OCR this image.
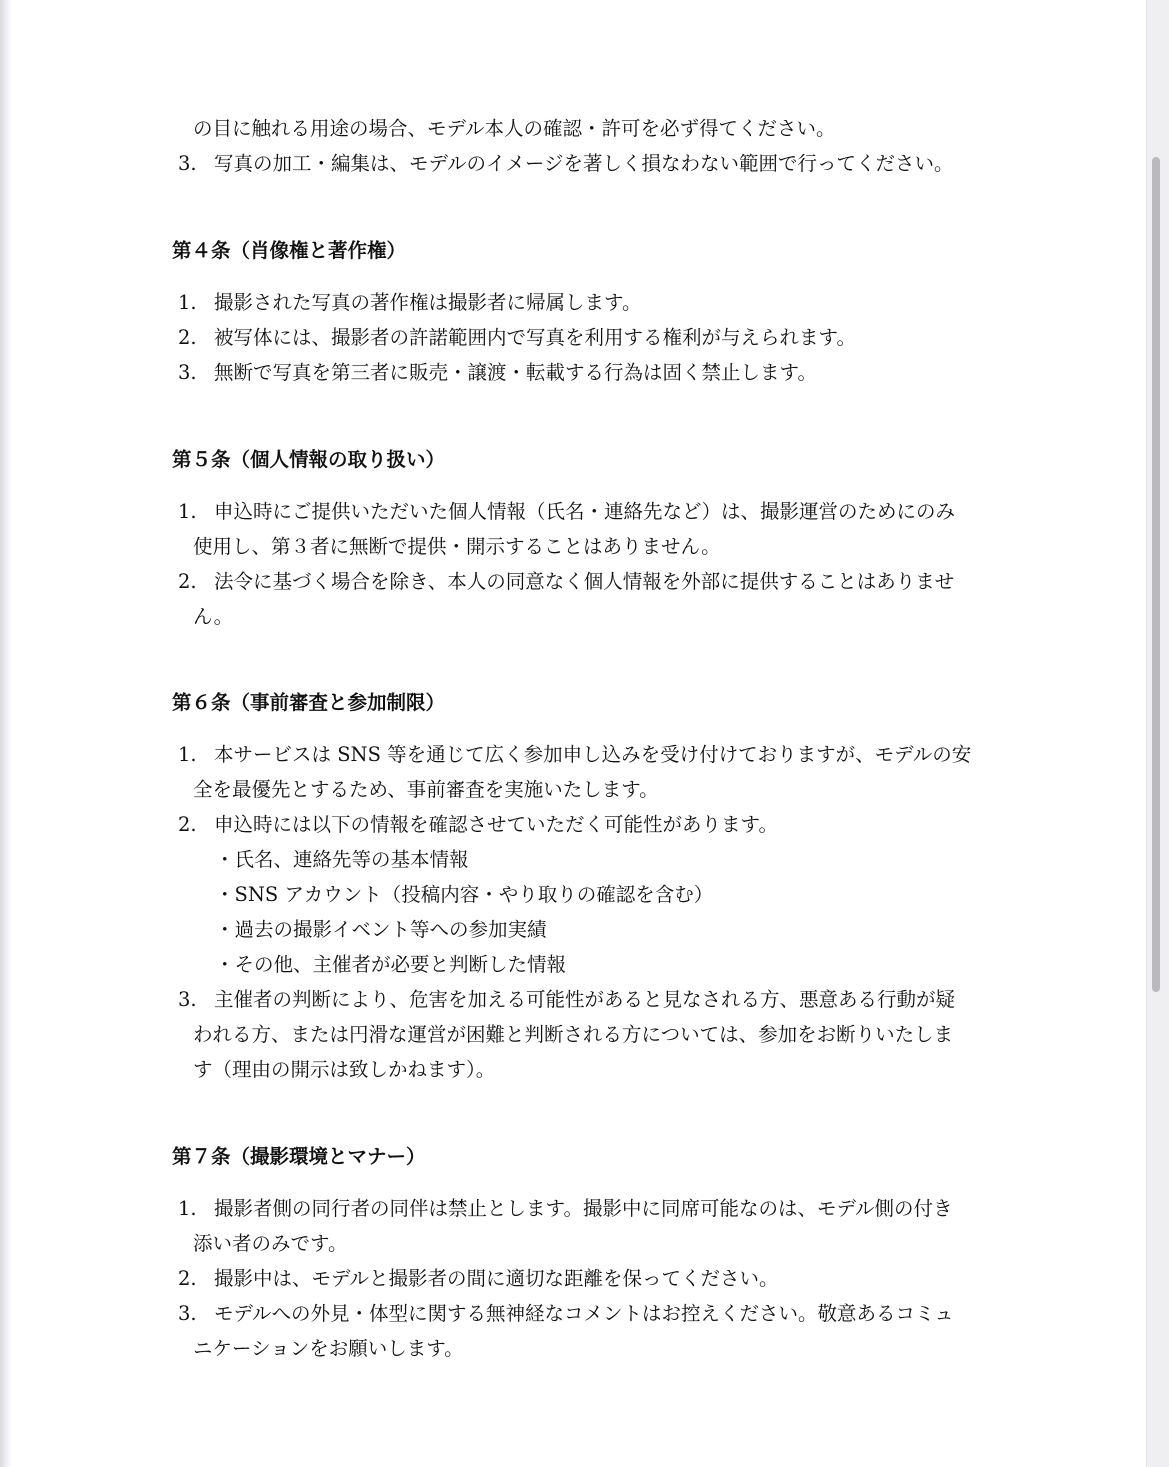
の目に触れる用途の場合、モデル本人の確認・許可を必ず得てください。
3. 写真の加工・編集は、モデルのイメージを著しく損なわない範囲で行ってください。
第４条（肖像権と著作権）
1. 撮影された写真の著作権は撮影者に帰属します。
2. 被写体には、撮影者の許諾範囲内で写真を利用する権利が与えられます。
3. 無断で写真を第三者に販売・譲渡・転載する行為は固く禁止します。
第５条（個人情報の取り扱い）
1. 申込時にご提供いただいた個人情報（氏名・連絡先など）は、撮影運営のためにのみ
使用し、第３者に無断で提供・開示することはありません。
2. 法令に基づく場合を除き、本人の同意なく個人情報を外部に提供することはありませ
ん。
第６条（事前審査と参加制限）
1. 本サービスは SNS 等を通じて広く参加申し込みを受け付けておりますが、モデルの安
全を最優先とするため、事前審査を実施いたします。
2. 申込時には以下の情報を確認させていただく可能性があります。
・氏名、連絡先等の基本情報
・SNS アカウント（投稿内容・やり取りの確認を含む）
・過去の撮影イベント等への参加実績
・その他、主催者が必要と判断した情報
3. 主催者の判断により、危害を加える可能性があると見なされる方、悪意ある行動が疑
われる方、または円滑な運営が困難と判断される方については、参加をお断りいたしま
す（理由の開示は致しかねます）。
第７条（撮影環境とマナー）
1. 撮影者側の同行者の同伴は禁止とします。撮影中に同席可能なのは、モデル側の付き
添い者のみです。
2. 撮影中は、モデルと撮影者の間に適切な距離を保ってください。
3. モデルへの外見・体型に関する無神経なコメントはお控えください。敬意あるコミュ
ニケーションをお願いします。
